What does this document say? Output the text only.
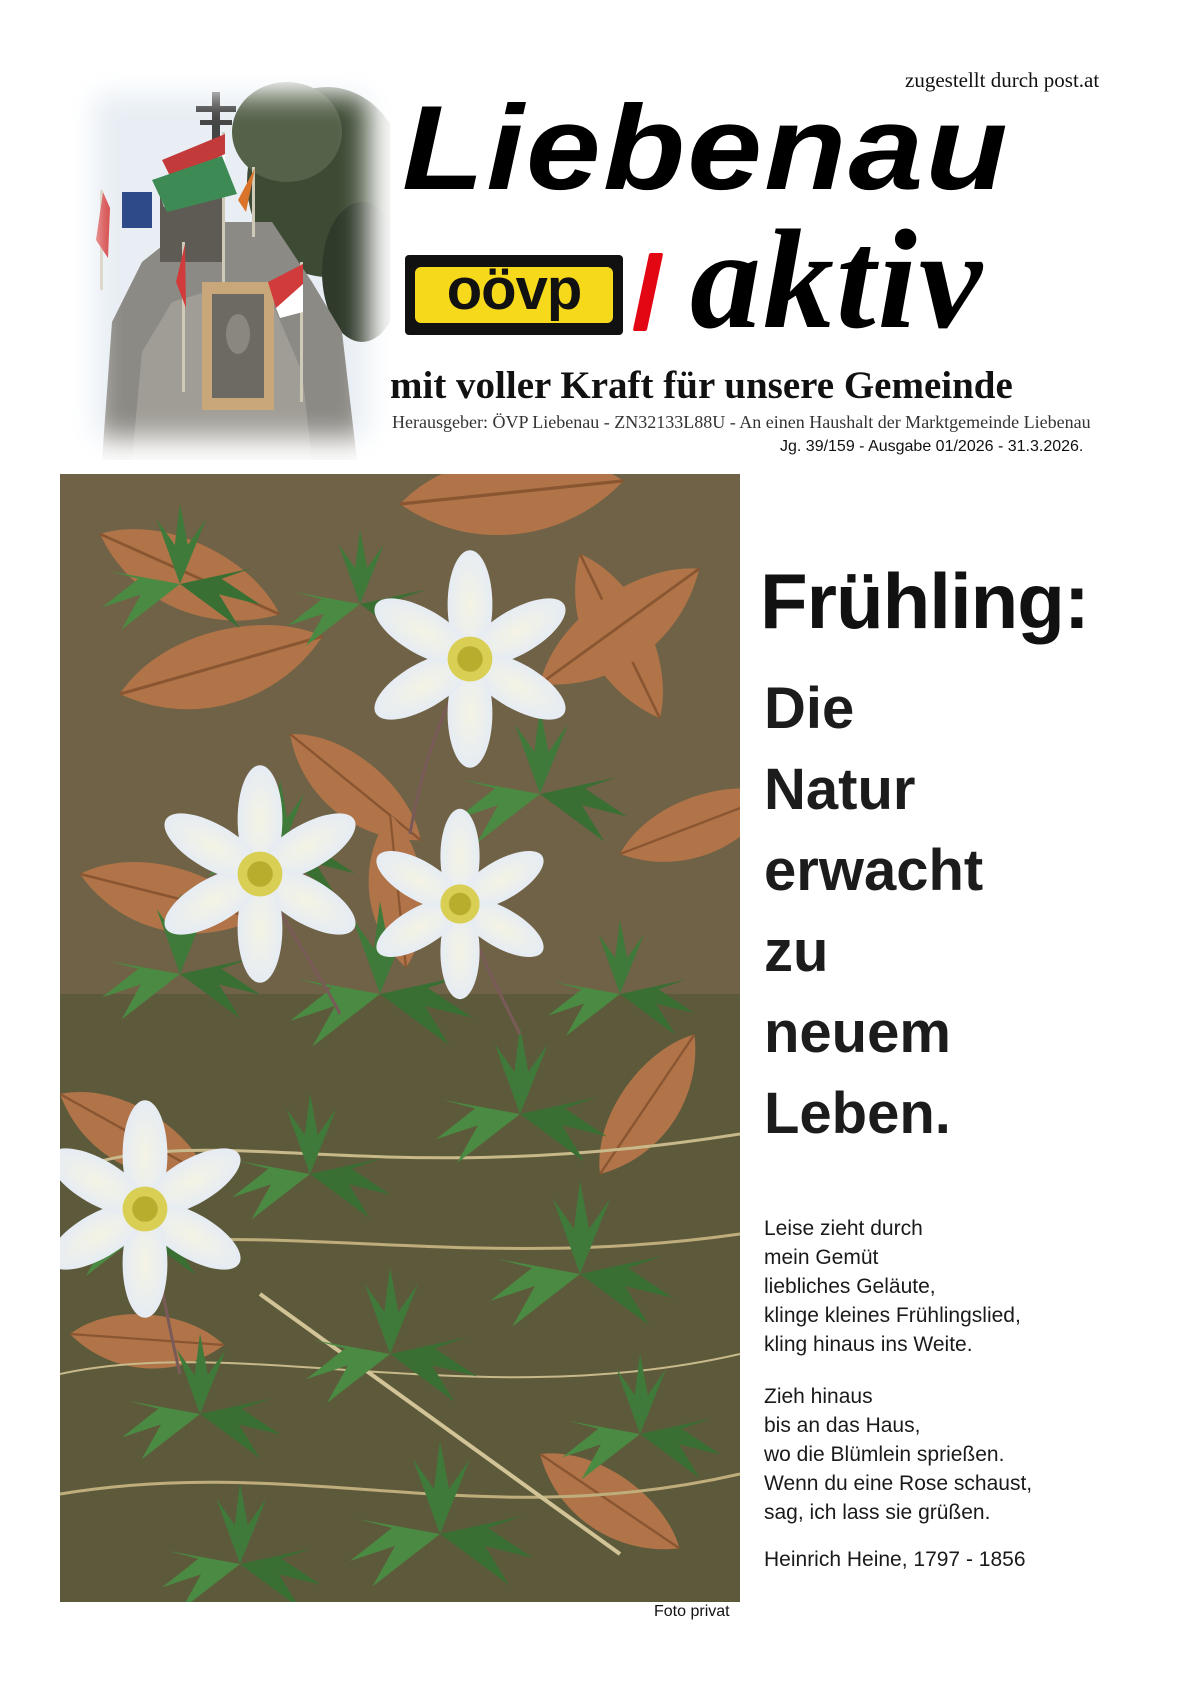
zugestellt durch post.at
Liebenau
oövp aktiv
mit voller Kraft für unsere Gemeinde
Herausgeber: ÖVP Liebenau - ZN32133L88U - An einen Haushalt der Marktgemeinde Liebenau
Jg. 39/159 - Ausgabe 01/2026 - 31.3.2026.
Foto privat
Frühling:
Die
Natur
erwacht
zu
neuem
Leben.
Leise zieht durch
mein Gemüt
liebliches Geläute,
klinge kleines Frühlingslied,
kling hinaus ins Weite.
Zieh hinaus
bis an das Haus,
wo die Blümlein sprießen.
Wenn du eine Rose schaust,
sag, ich lass sie grüßen.
Heinrich Heine, 1797 - 1856
